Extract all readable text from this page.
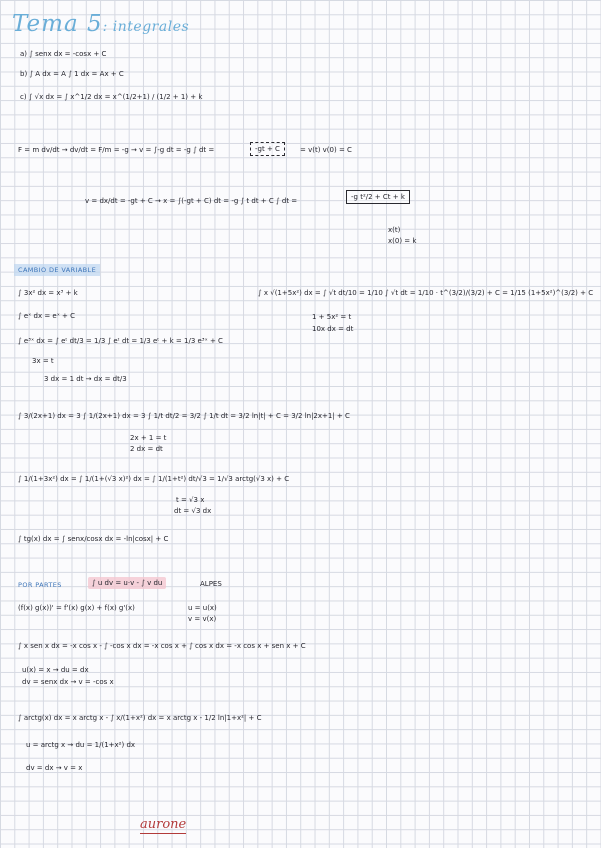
Tema 5: integrales
a) ∫ senx dx = -cosx + C
b) ∫ A dx = A ∫ 1 dx = Ax + C
c) ∫ √x dx = ∫ x^1/2 dx = x^(1/2+1) / (1/2 + 1) + k
F = m dv/dt → dv/dt = F/m = -g → v = ∫-g dt = -g ∫ dt =	-gt + C	= v(t) v(0) = C
v = dx/dt = -gt + C → x = ∫(-gt + C) dt = -g ∫ t dt + C ∫ dt =	-g t²/2 + Ct + k
x(t)
x(0) = k
CAMBIO DE VARIABLE
∫ 3x² dx = x³ + k
∫ eˣ dx = eˣ + C
∫ e³ˣ dx = ∫ eᵗ dt/3 = 1/3 ∫ eᵗ dt = 1/3 eᵗ + k = 1/3 e³ˣ + C
3x = t
3 dx = 1 dt → dx = dt/3
∫ x √(1+5x²) dx = ∫ √t dt/10 = 1/10 ∫ √t dt = 1/10 · t^(3/2)/(3/2) + C = 1/15 (1+5x²)^(3/2) + C
1 + 5x² = t
10x dx = dt
∫ 3/(2x+1) dx = 3 ∫ 1/(2x+1) dx = 3 ∫ 1/t dt/2 = 3/2 ∫ 1/t dt = 3/2 ln|t| + C = 3/2 ln|2x+1| + C
2x + 1 = t
2 dx = dt
∫ 1/(1+3x²) dx = ∫ 1/(1+(√3 x)²) dx = ∫ 1/(1+t²) dt/√3 = 1/√3 arctg(√3 x) + C
t = √3 x
dt = √3 dx
∫ tg(x) dx = ∫ senx/cosx dx = -ln|cosx| + C
POR PARTES	∫ u dv = u·v - ∫ v du	ALPES
(f(x) g(x))' = f'(x) g(x) + f(x) g'(x)	u = u(x)
v = v(x)
∫ x sen x dx = -x cos x - ∫ -cos x dx = -x cos x + ∫ cos x dx = -x cos x + sen x + C
u(x) = x → du = dx
dv = senx dx → v = -cos x
∫ arctg(x) dx = x arctg x - ∫ x/(1+x²) dx = x arctg x - 1/2 ln|1+x²| + C
u = arctg x → du = 1/(1+x²) dx
dv = dx → v = x
aurone
